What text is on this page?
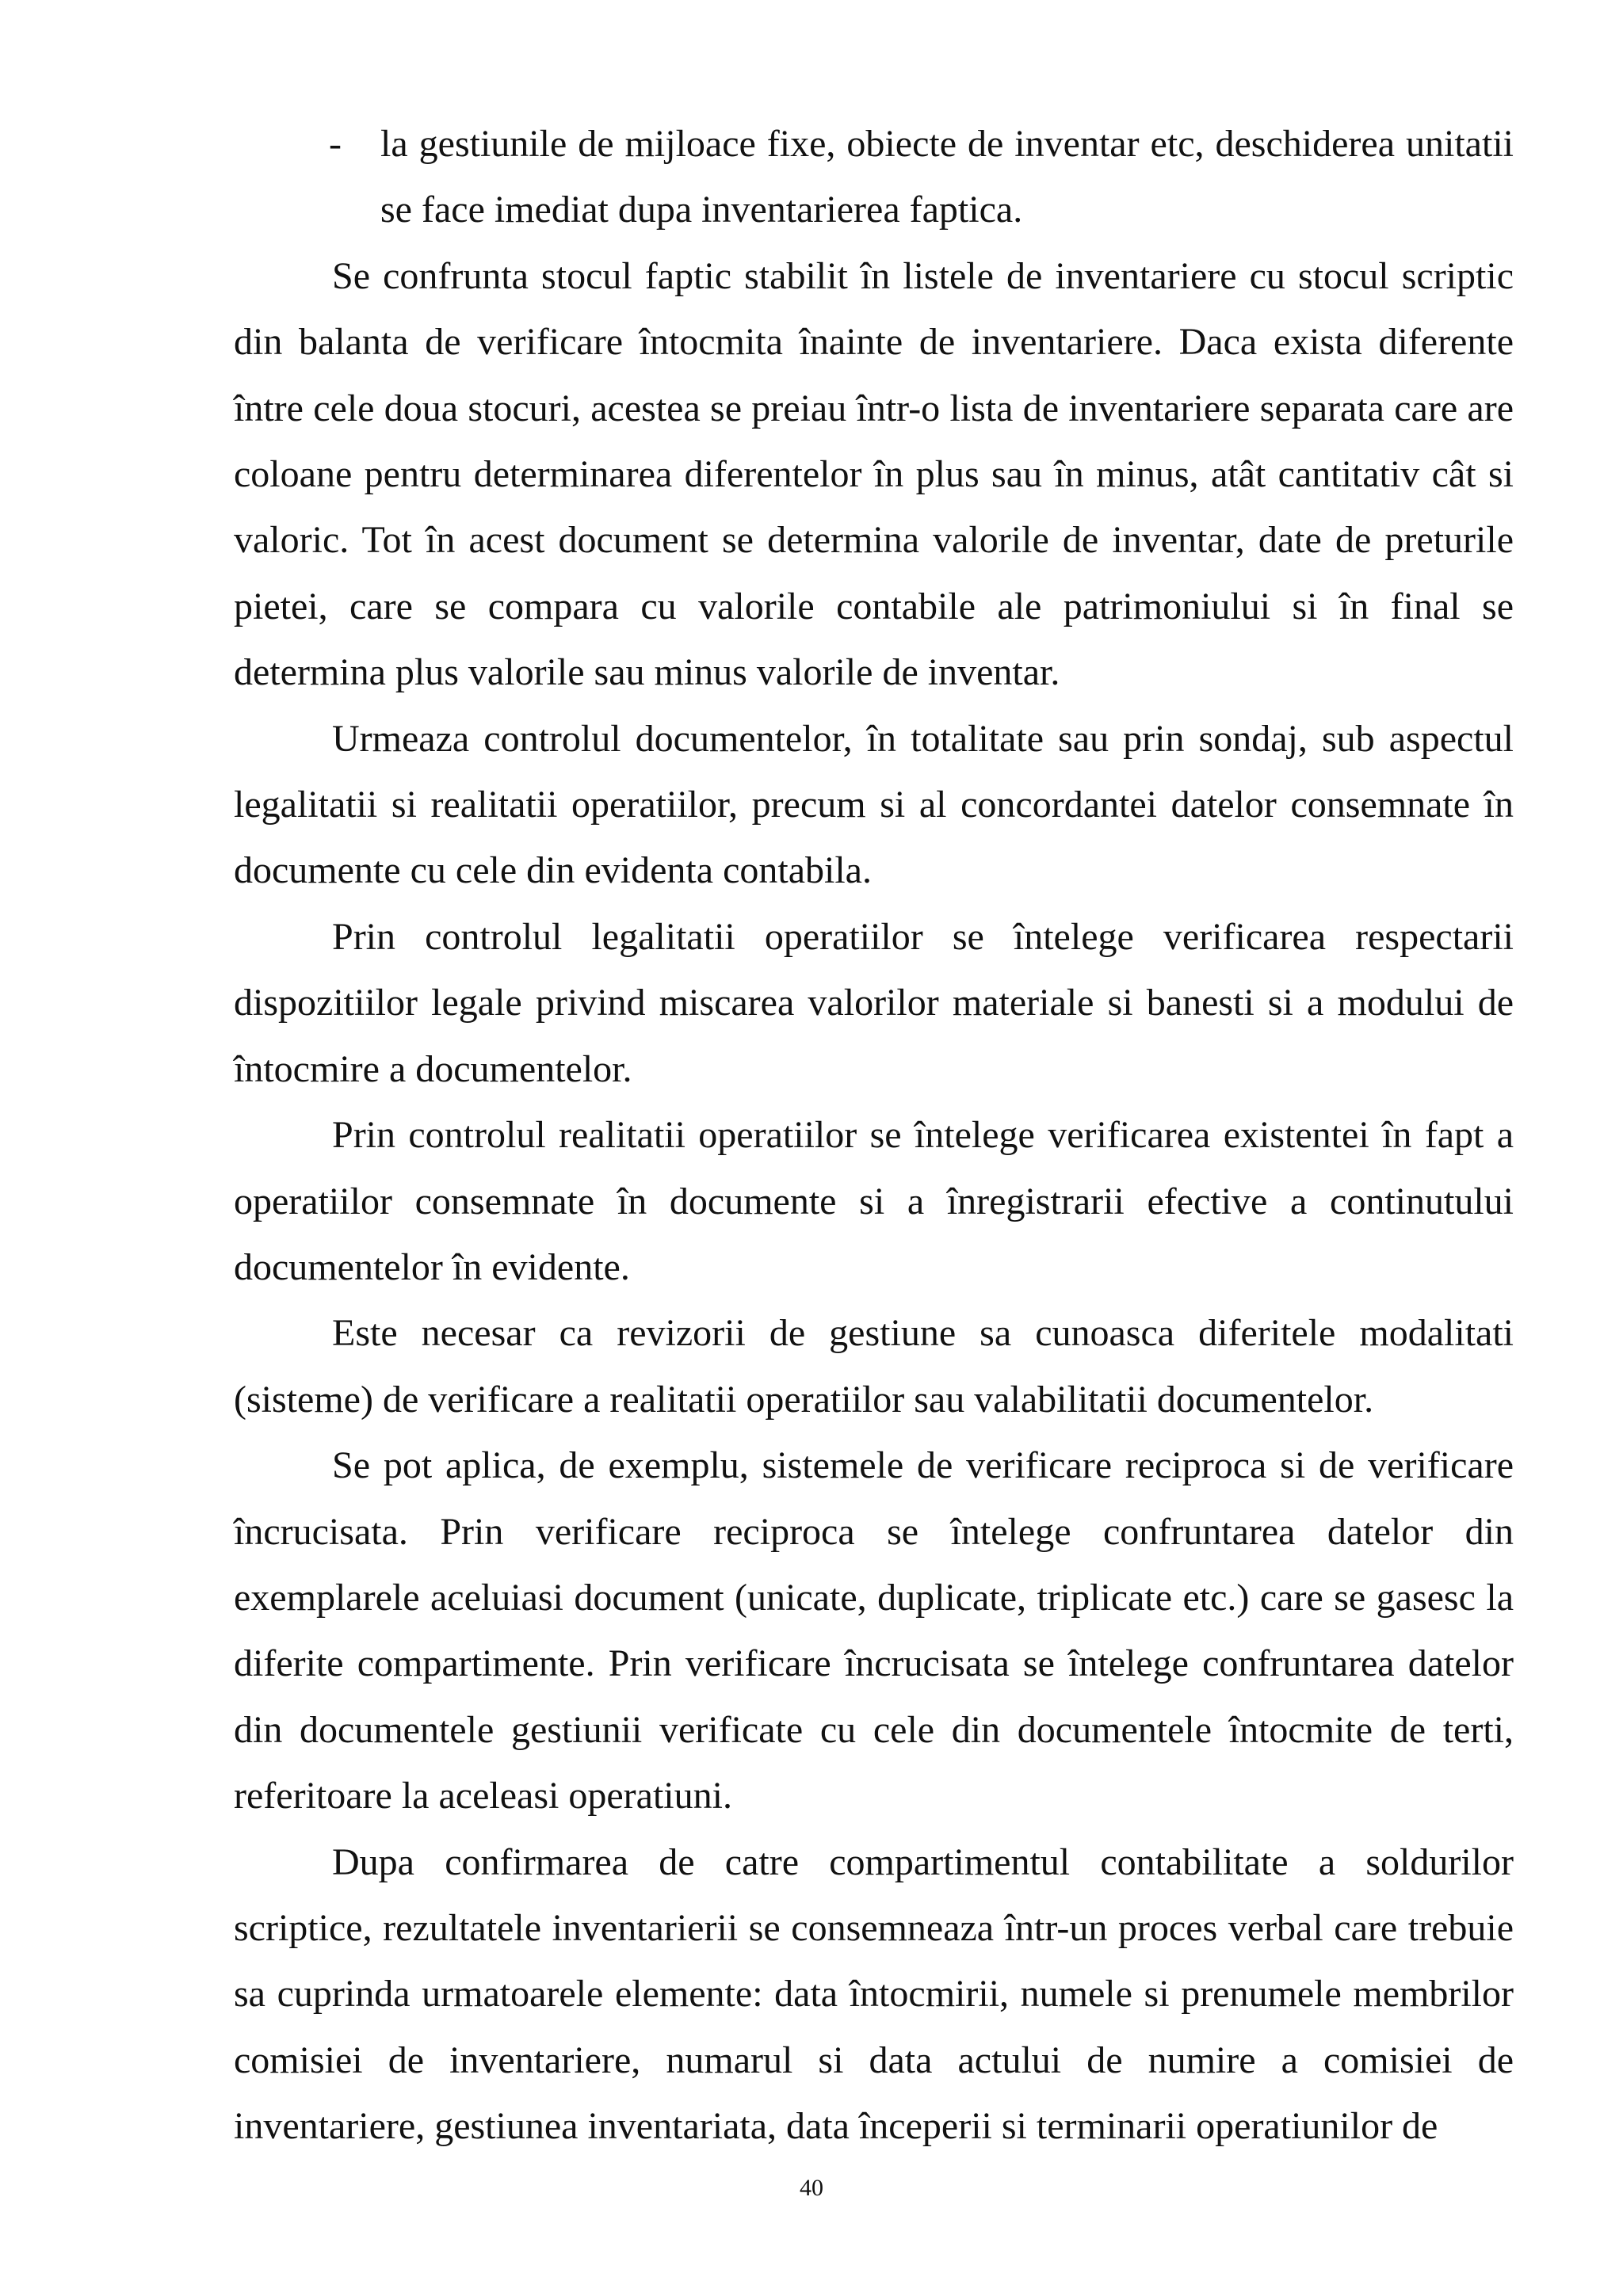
- la gestiunile de mijloace fixe, obiecte de inventar etc, deschiderea unitatii se face imediat dupa inventarierea faptica.

Se confrunta stocul faptic stabilit în listele de inventariere cu stocul scriptic din balanta de verificare întocmita înainte de inventariere. Daca exista diferente între cele doua stocuri, acestea se preiau într-o lista de inventariere separata care are coloane pentru determinarea diferentelor în plus sau în minus, atât cantitativ cât si valoric. Tot în acest document se determina valorile de inventar, date de preturile pietei, care se compara cu valorile contabile ale patrimoniului si în final se determina plus valorile sau minus valorile de inventar.

Urmeaza controlul documentelor, în totalitate sau prin sondaj, sub aspectul legalitatii si realitatii operatiilor, precum si al concordantei datelor consemnate în documente cu cele din evidenta contabila.

Prin controlul legalitatii operatiilor se întelege verificarea respectarii dispozitiilor legale privind miscarea valorilor materiale si banesti si a modului de întocmire a documentelor.

Prin controlul realitatii operatiilor se întelege verificarea existentei în fapt a operatiilor consemnate în documente si a înregistrarii efective a continutului documentelor în evidente.

Este necesar ca revizorii de gestiune sa cunoasca diferitele modalitati (sisteme) de verificare a realitatii operatiilor sau valabilitatii documentelor.

Se pot aplica, de exemplu, sistemele de verificare reciproca si de verificare încrucisata. Prin verificare reciproca se întelege confruntarea datelor din exemplarele aceluiasi document (unicate, duplicate, triplicate etc.) care se gasesc la diferite compartimente. Prin verificare încrucisata se întelege confruntarea datelor din documentele gestiunii verificate cu cele din documentele întocmite de terti, referitoare la aceleasi operatiuni.

Dupa confirmarea de catre compartimentul contabilitate a soldurilor scriptice, rezultatele inventarierii se consemneaza într-un proces verbal care trebuie sa cuprinda urmatoarele elemente: data întocmirii, numele si prenumele membrilor comisiei de inventariere, numarul si data actului de numire a comisiei de inventariere, gestiunea inventariata, data începerii si terminarii operatiunilor de

40
